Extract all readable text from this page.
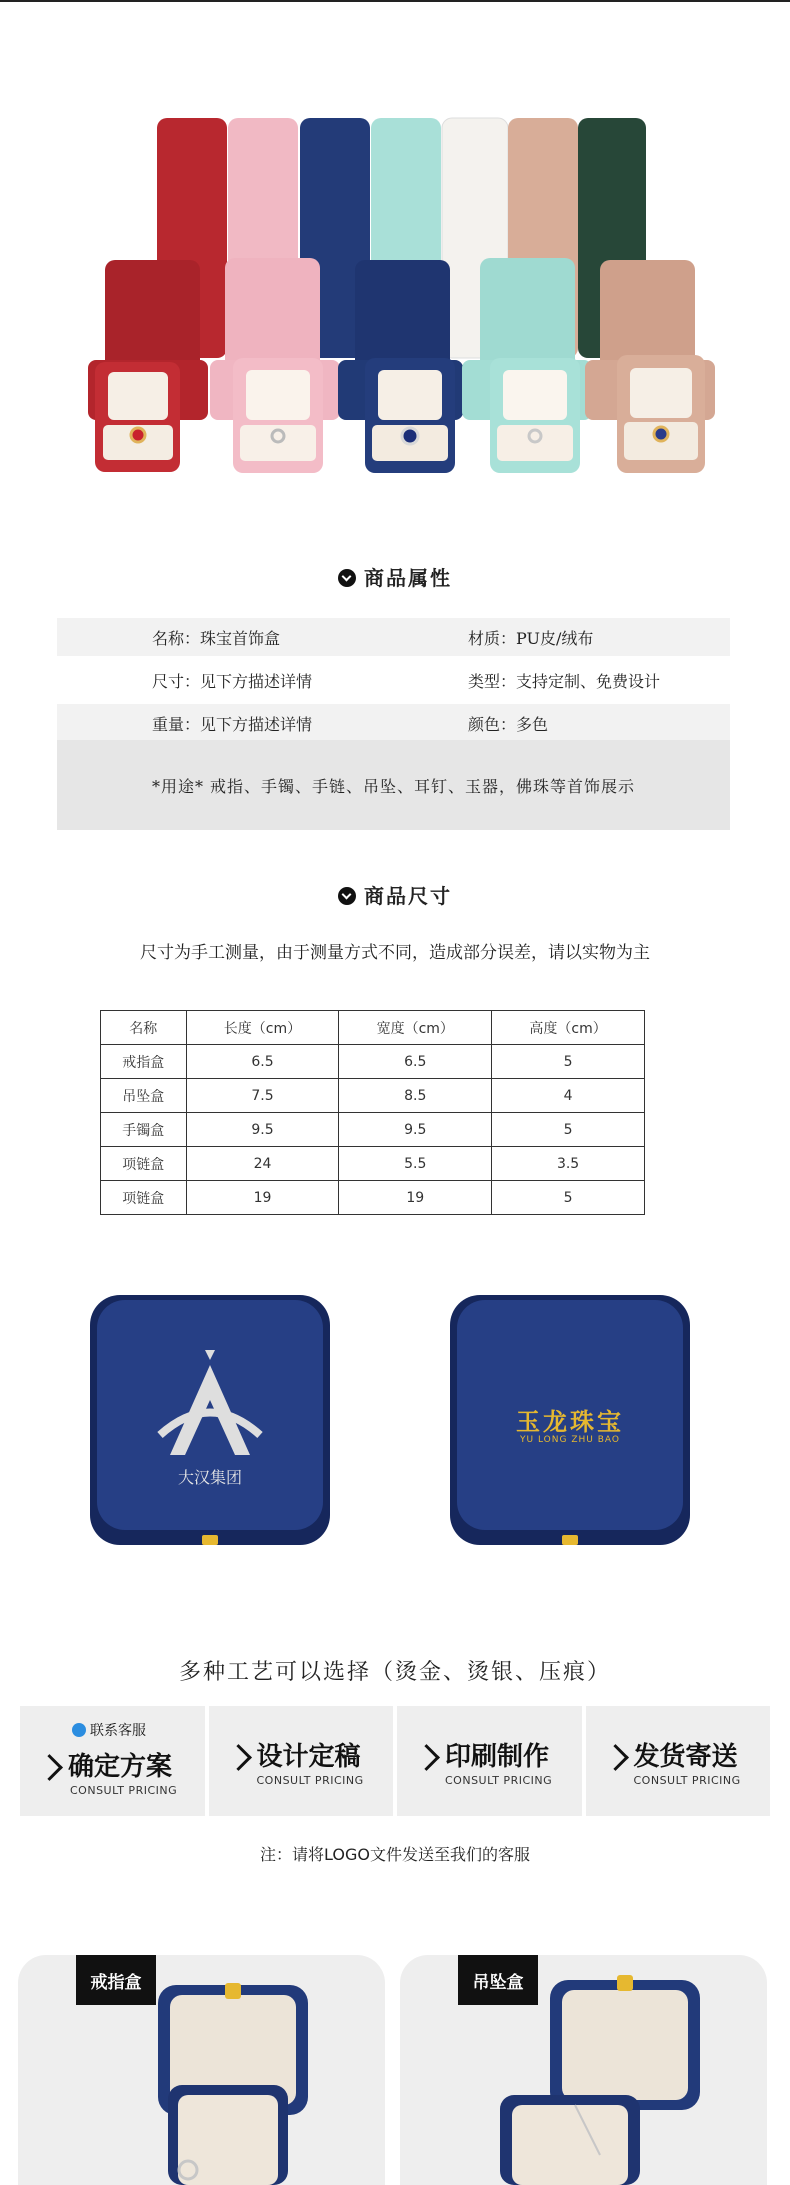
商品属性
名称：珠宝首饰盒	材质：PU皮/绒布
尺寸：见下方描述详情	类型：支持定制、免费设计
重量：见下方描述详情	颜色：多色
*用途* 戒指、手镯、手链、吊坠、耳钉、玉器，佛珠等首饰展示
商品尺寸
尺寸为手工测量，由于测量方式不同，造成部分误差，请以实物为主
名称	长度（cm）	宽度（cm）	高度（cm）
戒指盒	6.5	6.5	5
吊坠盒	7.5	8.5	4
手镯盒	9.5	9.5	5
项链盒	24	5.5	3.5
项链盒	19	19	5
大汉集团
玉龙珠宝
YU LONG ZHU BAO
多种工艺可以选择（烫金、烫银、压痕）
联系客服
确定方案
CONSULT PRICING
设计定稿
CONSULT PRICING
印刷制作
CONSULT PRICING
发货寄送
CONSULT PRICING
注：请将LOGO文件发送至我们的客服
戒指盒	吊坠盒
